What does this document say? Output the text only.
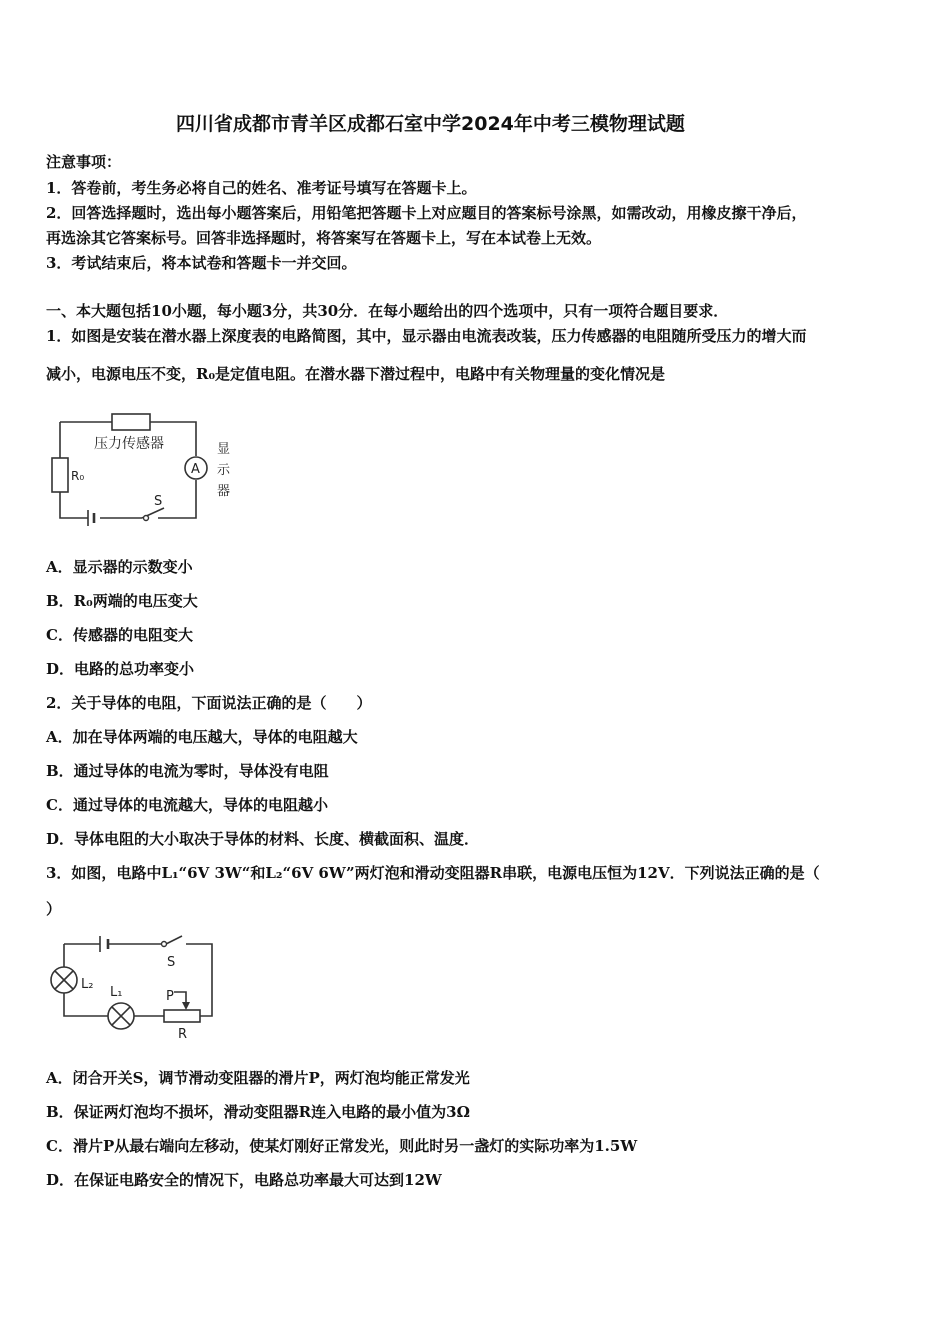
四川省成都市青羊区成都石室中学2024年中考三模物理试题
注意事项：
1．答卷前，考生务必将自己的姓名、准考证号填写在答题卡上。
2．回答选择题时，选出每小题答案后，用铅笔把答题卡上对应题目的答案标号涂黑，如需改动，用橡皮擦干净后，
再选涂其它答案标号。回答非选择题时，将答案写在答题卡上，写在本试卷上无效。
3．考试结束后，将本试卷和答题卡一并交回。
一、本大题包括10小题，每小题3分，共30分．在每小题给出的四个选项中，只有一项符合题目要求．
1．如图是安装在潜水器上深度表的电路简图，其中，显示器由电流表改装，压力传感器的电阻随所受压力的增大而
减小，电源电压不变，R₀是定值电阻。在潜水器下潜过程中，电路中有关物理量的变化情况是
压力传感器
R₀	A
显
示
器
S
A．显示器的示数变小
B．R₀两端的电压变大
C．传感器的电阻变大
D．电路的总功率变小
2．关于导体的电阻，下面说法正确的是（　　）
A．加在导体两端的电压越大，导体的电阻越大
B．通过导体的电流为零时，导体没有电阻
C．通过导体的电流越大，导体的电阻越小
D．导体电阻的大小取决于导体的材料、长度、横截面积、温度．
3．如图，电路中L₁“6V 3W“和L₂“6V 6W”两灯泡和滑动变阻器R串联，电源电压恒为12V．下列说法正确的是（
）
S
L₂
L₁	P
R
A．闭合开关S，调节滑动变阻器的滑片P，两灯泡均能正常发光
B．保证两灯泡均不损坏，滑动变阻器R连入电路的最小值为3Ω
C．滑片P从最右端向左移动，使某灯刚好正常发光，则此时另一盏灯的实际功率为1.5W
D．在保证电路安全的情况下，电路总功率最大可达到12W
